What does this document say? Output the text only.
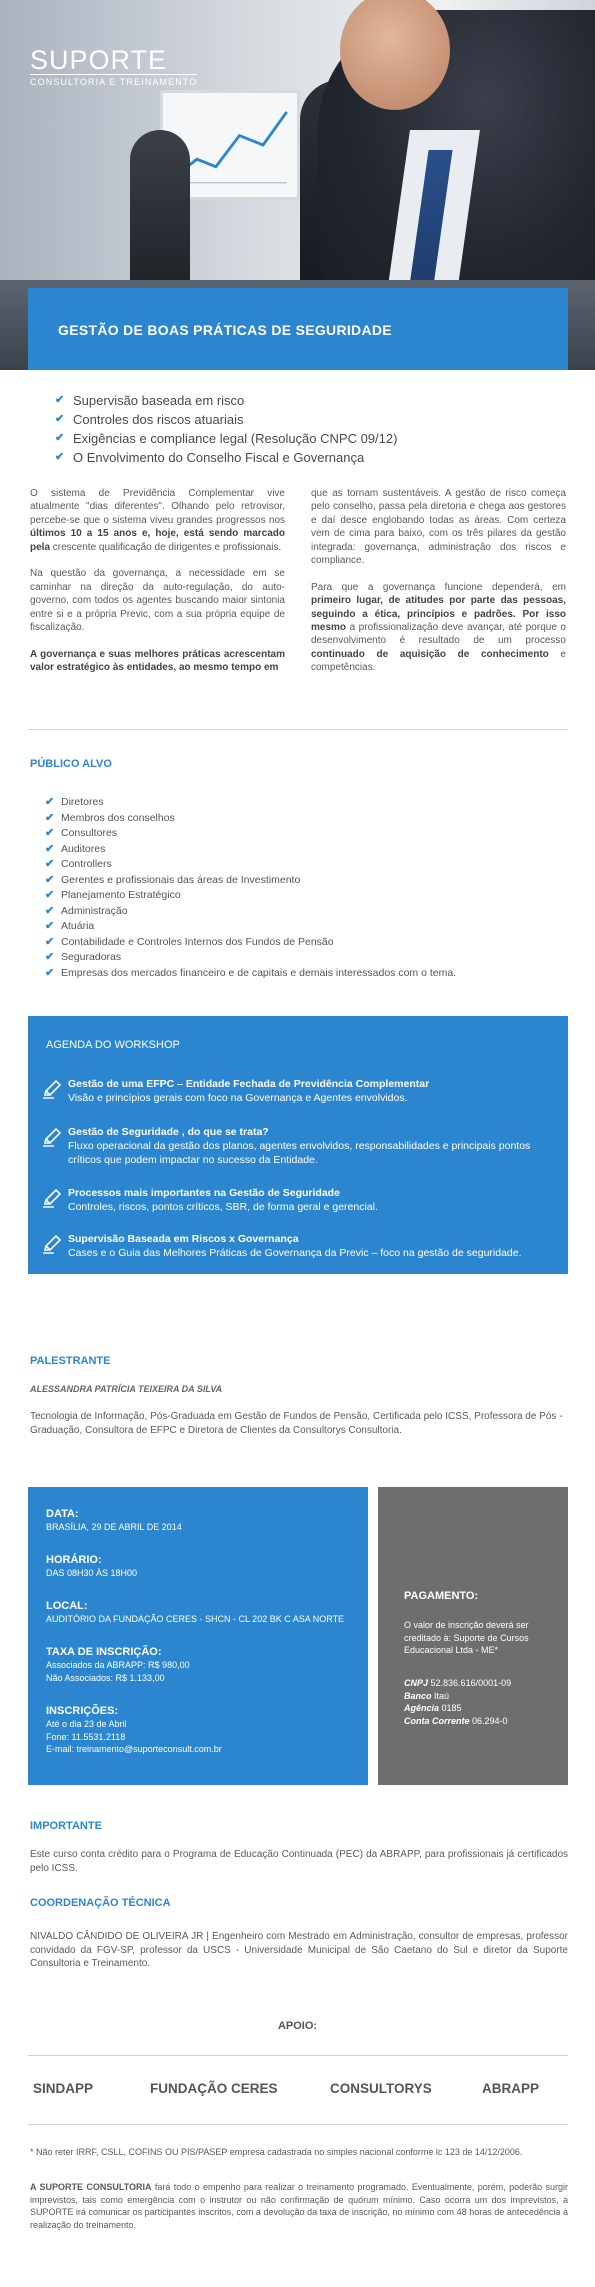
SUPORTE
CONSULTORIA E TREINAMENTO
GESTÃO DE BOAS PRÁTICAS DE SEGURIDADE
✔ Supervisão baseada em risco
✔ Controles dos riscos atuariais
✔ Exigências e compliance legal (Resolução CNPC 09/12)
✔ O Envolvimento do Conselho Fiscal e Governança

O sistema de Previdência Complementar vive atualmente "dias diferentes". Olhando pelo retrovisor, percebe-se que o sistema viveu grandes progressos nos últimos 10 a 15 anos e, hoje, está sendo marcado pela crescente qualificação de dirigentes e profissionais.

Na questão da governança, a necessidade em se caminhar na direção da auto-regulação, do auto-governo, com todos os agentes buscando maior sintonia entre si e a própria Previc, com a sua própria equipe de fiscalização.

A governança e suas melhores práticas acrescentam valor estratégico às entidades, ao mesmo tempo em

que as tornam sustentáveis. A gestão de risco começa pelo conselho, passa pela diretoria e chega aos gestores e daí desce englobando todas as áreas. Com certeza vem de cima para baixo, com os três pilares da gestão integrada: governança, administração dos riscos e compliance.

Para que a governança funcione dependerá, em primeiro lugar, de atitudes por parte das pessoas, seguindo a ética, princípios e padrões. Por isso mesmo a profissionalização deve avançar, até porque o desenvolvimento é resultado de um processo continuado de aquisição de conhecimento e competências.

PÚBLICO ALVO
✔ Diretores
✔ Membros dos conselhos
✔ Consultores
✔ Auditores
✔ Controllers
✔ Gerentes e profissionais das áreas de Investimento
✔ Planejamento Estratégico
✔ Administração
✔ Atuária
✔ Contabilidade e Controles Internos dos Fundos de Pensão
✔ Seguradoras
✔ Empresas dos mercados financeiro e de capitais e demais interessados com o tema.
AGENDA DO WORKSHOP
Gestão de uma EFPC – Entidade Fechada de Previdência Complementar
Visão e princípios gerais com foco na Governança e Agentes envolvidos.
Gestão de Seguridade , do que se trata?
Fluxo operacional da gestão dos planos, agentes envolvidos, responsabilidades e principais pontos críticos que podem impactar no sucesso da Entidade.
Processos mais importantes na Gestão de Seguridade
Controles, riscos, pontos críticos, SBR, de forma geral e gerencial.
Supervisão Baseada em Riscos x Governança
Cases e o Guia das Melhores Práticas de Governança da Previc – foco na gestão de seguridade.
PALESTRANTE
ALESSANDRA PATRÍCIA TEIXEIRA DA SILVA
Tecnologia de Informação, Pós-Graduada em Gestão de Fundos de Pensão, Certificada pelo ICSS, Professora de Pós - Graduação, Consultora de EFPC e Diretora de Clientes da Consultorys Consultoria.
DATA:
BRASÍLIA, 29 DE ABRIL DE 2014
HORÁRIO:
DAS 08H30 ÀS 18H00
LOCAL:
AUDITÓRIO DA FUNDAÇÃO CERES - SHCN - CL 202 BK C ASA NORTE
TAXA DE INSCRIÇÃO:
Associados da ABRAPP: R$ 980,00
Não Associados: R$ 1.133,00
INSCRIÇÕES:
Até o dia 23 de Abril
Fone: 11.5531.2118
E-mail: treinamento@suporteconsult.com.br
PAGAMENTO:
O valor de inscrição deverá ser creditado à: Suporte de Cursos Educacional Ltda - ME*
CNPJ 52.836.616/0001-09
Banco Itaú
Agência 0185
Conta Corrente 06.294-0
IMPORTANTE
Este curso conta crédito para o Programa de Educação Continuada (PEC) da ABRAPP, para profissionais já certificados pelo ICSS.
COORDENAÇÃO TÉCNICA
NIVALDO CÂNDIDO DE OLIVEIRA JR | Engenheiro com Mestrado em Administração, consultor de empresas, professor convidado da FGV-SP, professor da USCS - Universidade Municipal de São Caetano do Sul e diretor da Suporte Consultoria e Treinamento.
APOIO:
SINDAPP	FUNDAÇÃO CERES	CONSULTORYS	ABRAPP
* Não reter IRRF, CSLL, COFINS OU PIS/PASEP empresa cadastrada no simples nacional conforme lc 123 de 14/12/2006.
A SUPORTE CONSULTORIA fará todo o empenho para realizar o treinamento programado. Eventualmente, porém, poderão surgir imprevistos, tais como emergência com o instrutor ou não confirmação de quórum mínimo. Caso ocorra um dos imprevistos, a SUPORTE irá comunicar os participantes inscritos, com a devolução da taxa de inscrição, no mínimo com 48 horas de antecedência à realização do treinamento.
